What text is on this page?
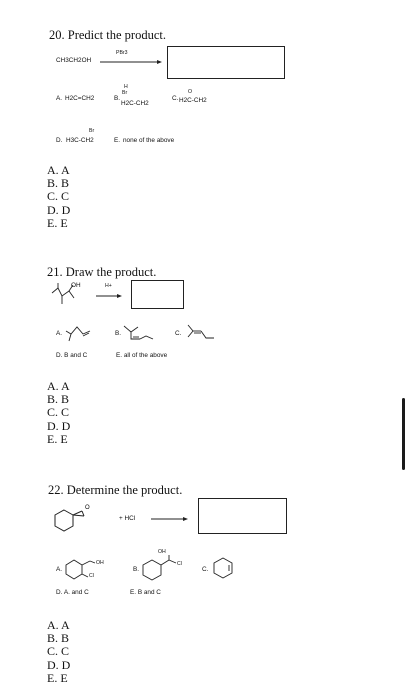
20. Predict the product.
CH3CH2OH
PBr3
A. H2C=CH2	B.
H
Br
H2C-CH2
C.
O
H2C-CH2
Br
D. H3C-CH2	E. none of the above
A. A
B. B
C. C
D. D
E. E
21. Draw the product.
OH	H+
A.	B.	C.
D. B and C	E. all of the above
A. A
B. B
C. C
D. D
E. E
22. Determine the product.
O
+ HCl
A.
OH
Cl
B.
OH
Cl
C.
D. A. and C	E. B and C
A. A
B. B
C. C
D. D
E. E
